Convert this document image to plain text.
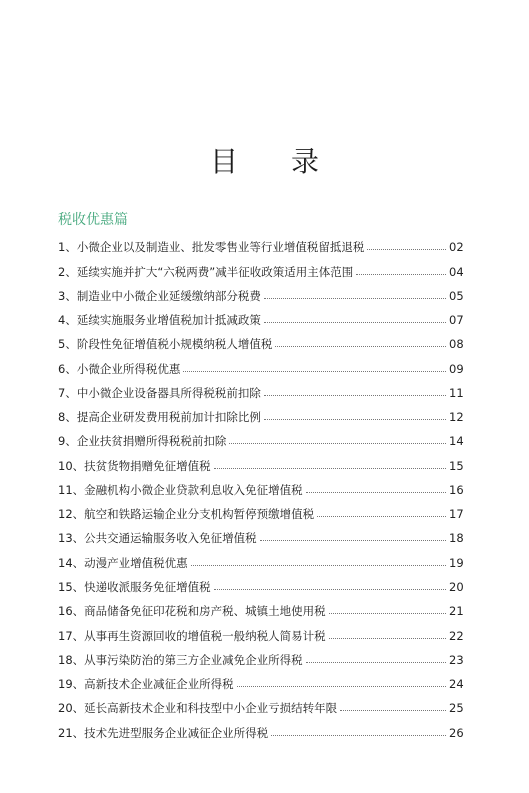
目 录
税收优惠篇
1、 小微企业以及制造业、批发零售业等行业增值税留抵退税	02
2、 延续实施并扩大“六税两费”减半征收政策适用主体范围	04
3、 制造业中小微企业延缓缴纳部分税费	05
4、 延续实施服务业增值税加计抵减政策	07
5、 阶段性免征增值税小规模纳税人增值税	08
6、 小微企业所得税优惠	09
7、 中小微企业设备器具所得税税前扣除	11
8、 提高企业研发费用税前加计扣除比例	12
9、 企业扶贫捐赠所得税税前扣除	14
10、 扶贫货物捐赠免征增值税	15
11、 金融机构小微企业贷款利息收入免征增值税	16
12、 航空和铁路运输企业分支机构暂停预缴增值税	17
13、 公共交通运输服务收入免征增值税	18
14、 动漫产业增值税优惠	19
15、 快递收派服务免征增值税	20
16、 商品储备免征印花税和房产税、城镇土地使用税	21
17、 从事再生资源回收的增值税一般纳税人简易计税	22
18、 从事污染防治的第三方企业减免企业所得税	23
19、 高新技术企业减征企业所得税	24
20、 延长高新技术企业和科技型中小企业亏损结转年限	25
21、 技术先进型服务企业减征企业所得税	26
